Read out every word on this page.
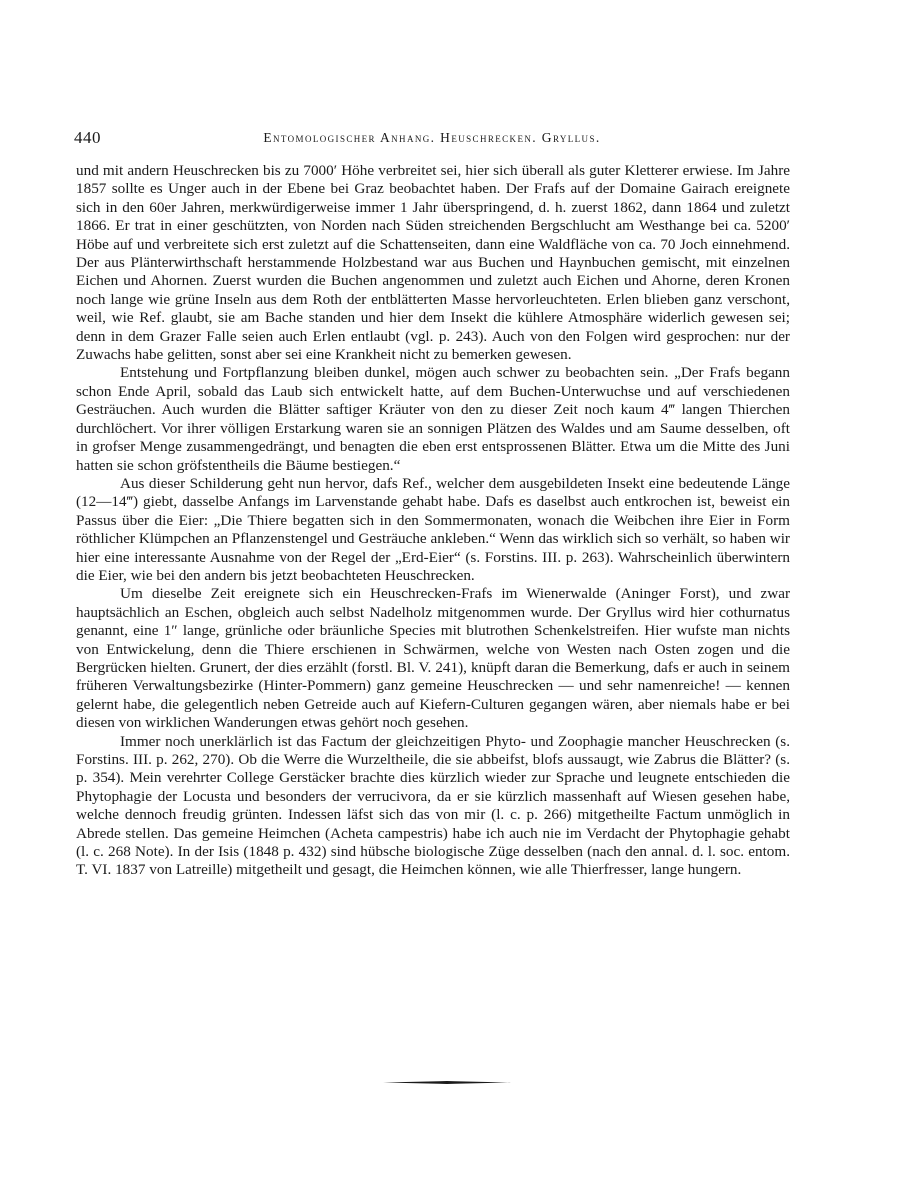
440	Entomologischer Anhang. Heuschrecken. Gryllus.

und mit andern Heuschrecken bis zu 7000′ Höhe verbreitet sei, hier sich überall als guter Kletterer erwiese. Im Jahre 1857 sollte es Unger auch in der Ebene bei Graz beobachtet haben. Der Frafs auf der Domaine Gairach ereignete sich in den 60er Jahren, merkwürdigerweise immer 1 Jahr überspringend, d. h. zuerst 1862, dann 1864 und zuletzt 1866. Er trat in einer geschützten, von Norden nach Süden streichenden Bergschlucht am Westhange bei ca. 5200′ Höbe auf und verbreitete sich erst zuletzt auf die Schattenseiten, dann eine Waldfläche von ca. 70 Joch einnehmend. Der aus Plänterwirthschaft herstammende Holzbestand war aus Buchen und Haynbuchen gemischt, mit einzelnen Eichen und Ahornen. Zuerst wurden die Buchen angenommen und zuletzt auch Eichen und Ahorne, deren Kronen noch lange wie grüne Inseln aus dem Roth der entblätterten Masse hervorleuchteten. Erlen blieben ganz verschont, weil, wie Ref. glaubt, sie am Bache standen und hier dem Insekt die kühlere Atmosphäre widerlich gewesen sei; denn in dem Grazer Falle seien auch Erlen entlaubt (vgl. p. 243). Auch von den Folgen wird gesprochen: nur der Zuwachs habe gelitten, sonst aber sei eine Krankheit nicht zu bemerken gewesen.

Entstehung und Fortpflanzung bleiben dunkel, mögen auch schwer zu beobachten sein. „Der Frafs begann schon Ende April, sobald das Laub sich entwickelt hatte, auf dem Buchen-Unterwuchse und auf verschiedenen Gesträuchen. Auch wurden die Blätter saftiger Kräuter von den zu dieser Zeit noch kaum 4‴ langen Thierchen durchlöchert. Vor ihrer völligen Erstarkung waren sie an sonnigen Plätzen des Waldes und am Saume desselben, oft in grofser Menge zusammengedrängt, und benagten die eben erst entsprossenen Blätter. Etwa um die Mitte des Juni hatten sie schon gröfstentheils die Bäume bestiegen.“

Aus dieser Schilderung geht nun hervor, dafs Ref., welcher dem ausgebildeten Insekt eine bedeutende Länge (12—14‴) giebt, dasselbe Anfangs im Larvenstande gehabt habe. Dafs es daselbst auch entkrochen ist, beweist ein Passus über die Eier: „Die Thiere begatten sich in den Sommermonaten, wonach die Weibchen ihre Eier in Form röthlicher Klümpchen an Pflanzenstengel und Gesträuche ankleben.“ Wenn das wirklich sich so verhält, so haben wir hier eine interessante Ausnahme von der Regel der „Erd-Eier“ (s. Forstins. III. p. 263). Wahrscheinlich überwintern die Eier, wie bei den andern bis jetzt beobachteten Heuschrecken.

Um dieselbe Zeit ereignete sich ein Heuschrecken-Frafs im Wienerwalde (Aninger Forst), und zwar hauptsächlich an Eschen, obgleich auch selbst Nadelholz mitgenommen wurde. Der Gryllus wird hier cothurnatus genannt, eine 1″ lange, grünliche oder bräunliche Species mit blutrothen Schenkelstreifen. Hier wufste man nichts von Entwickelung, denn die Thiere erschienen in Schwärmen, welche von Westen nach Osten zogen und die Bergrücken hielten. Grunert, der dies erzählt (forstl. Bl. V. 241), knüpft daran die Bemerkung, dafs er auch in seinem früheren Verwaltungsbezirke (Hinter-Pommern) ganz gemeine Heuschrecken — und sehr namenreiche! — kennen gelernt habe, die gelegentlich neben Getreide auch auf Kiefern-Culturen gegangen wären, aber niemals habe er bei diesen von wirklichen Wanderungen etwas gehört noch gesehen.

Immer noch unerklärlich ist das Factum der gleichzeitigen Phyto- und Zoophagie mancher Heuschrecken (s. Forstins. III. p. 262, 270). Ob die Werre die Wurzeltheile, die sie abbeifst, blofs aussaugt, wie Zabrus die Blätter? (s. p. 354). Mein verehrter College Gerstäcker brachte dies kürzlich wieder zur Sprache und leugnete entschieden die Phytophagie der Locusta und besonders der verrucivora, da er sie kürzlich massenhaft auf Wiesen gesehen habe, welche dennoch freudig grünten. Indessen läfst sich das von mir (l. c. p. 266) mitgetheilte Factum unmöglich in Abrede stellen. Das gemeine Heimchen (Acheta campestris) habe ich auch nie im Verdacht der Phytophagie gehabt (l. c. 268 Note). In der Isis (1848 p. 432) sind hübsche biologische Züge desselben (nach den annal. d. l. soc. entom. T. VI. 1837 von Latreille) mitgetheilt und gesagt, die Heimchen können, wie alle Thierfresser, lange hungern.
